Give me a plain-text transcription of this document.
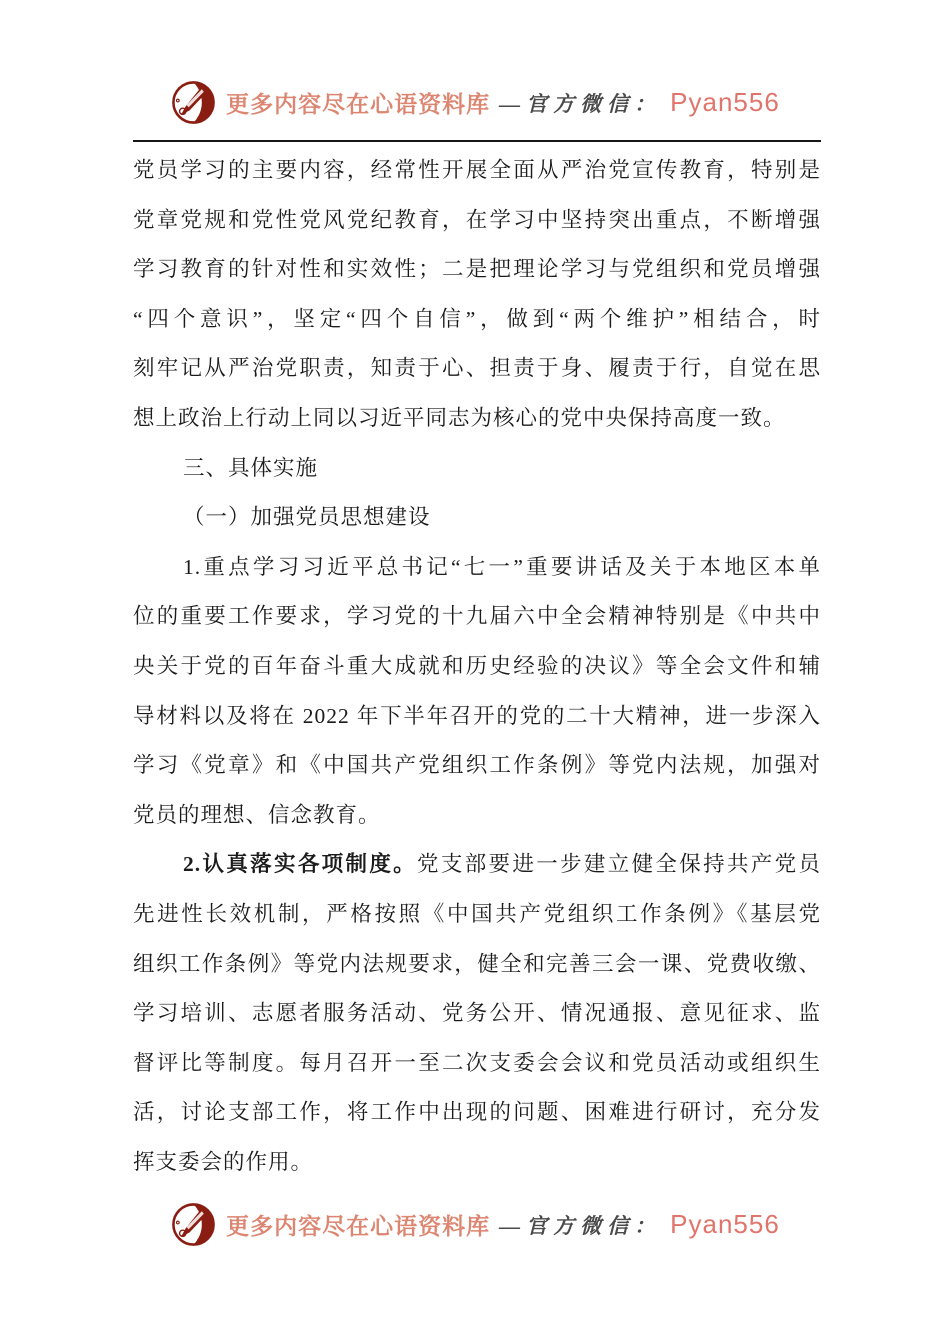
更多内容尽在心语资料库 —官方微信： Pyan556
党员学习的主要内容，经常性开展全面从严治党宣传教育，特别是
党章党规和党性党风党纪教育，在学习中坚持突出重点，不断增强
学习教育的针对性和实效性；二是把理论学习与党组织和党员增强
“四个意识”，坚定“四个自信”，做到“两个维护”相结合，时
刻牢记从严治党职责，知责于心、担责于身、履责于行，自觉在思
想上政治上行动上同以习近平同志为核心的党中央保持高度一致。
三、具体实施
（一）加强党员思想建设
1.重点学习习近平总书记“七一”重要讲话及关于本地区本单
位的重要工作要求，学习党的十九届六中全会精神特别是《中共中
央关于党的百年奋斗重大成就和历史经验的决议》等全会文件和辅
导材料以及将在 2022 年下半年召开的党的二十大精神，进一步深入
学习《党章》和《中国共产党组织工作条例》等党内法规，加强对
党员的理想、信念教育。
2.认真落实各项制度。党支部要进一步建立健全保持共产党员
先进性长效机制，严格按照《中国共产党组织工作条例》《基层党
组织工作条例》等党内法规要求，健全和完善三会一课、党费收缴、
学习培训、志愿者服务活动、党务公开、情况通报、意见征求、监
督评比等制度。每月召开一至二次支委会会议和党员活动或组织生
活，讨论支部工作，将工作中出现的问题、困难进行研讨，充分发
挥支委会的作用。
更多内容尽在心语资料库 —官方微信： Pyan556
